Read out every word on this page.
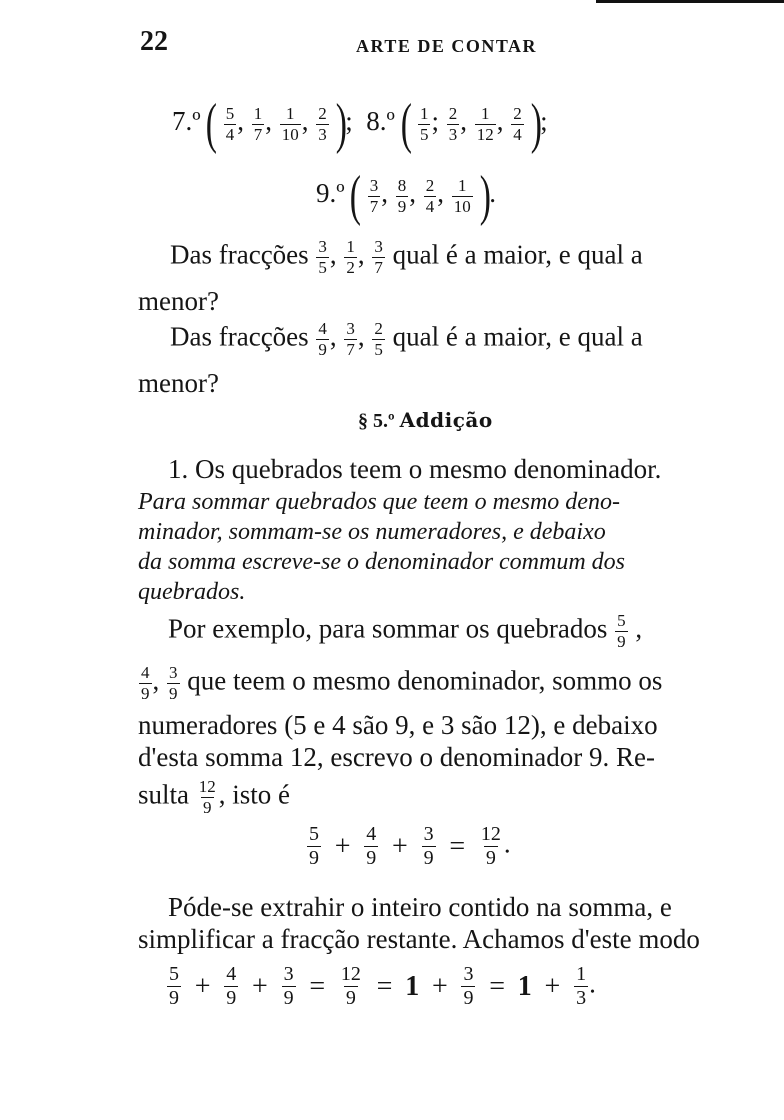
22	ARTE DE CONTAR
7.º ( $\frac{5}{4}$ , $\frac{1}{7}$ , $\frac{1}{10}$ , $\frac{2}{3}$ );  8.º ( $\frac{1}{5}$ ; $\frac{2}{3}$ , $\frac{1}{12}$ , $\frac{2}{4}$ );
9.º ( $\frac{3}{7}$ , $\frac{8}{9}$ , $\frac{2}{4}$ , $\frac{1}{10}$ ).
Das fracções $\frac{3}{5}$ , $\frac{1}{2}$ , $\frac{3}{7}$ qual é a maior, e qual a
menor?
Das fracções $\frac{4}{9}$ , $\frac{3}{7}$ , $\frac{2}{5}$ qual é a maior, e qual a
menor?
§ 5.º Addição
1. Os quebrados teem o mesmo denominador.
Para sommar quebrados que teem o mesmo deno-
minador, sommam-se os numeradores, e debaixo
da somma escreve-se o denominador commum dos
quebrados.
Por exemplo, para sommar os quebrados $\frac{5}{9}$ ,
$\frac{4}{9}$ , $\frac{3}{9}$ que teem o mesmo denominador, sommo os
numeradores (5 e 4 são 9, e 3 são 12), e debaixo
d'esta somma 12, escrevo o denominador 9. Re-
sulta $\frac{12}{9}$ , isto é
$\frac{5}{9} + \frac{4}{9} + \frac{3}{9} = \frac{12}{9}$ .
Póde-se extrahir o inteiro contido na somma, e
simplificar a fracção restante. Achamos d'este modo
$\frac{5}{9} + \frac{4}{9} + \frac{3}{9} = \frac{12}{9} = 1 + \frac{3}{9} = 1 + \frac{1}{3}$ .
